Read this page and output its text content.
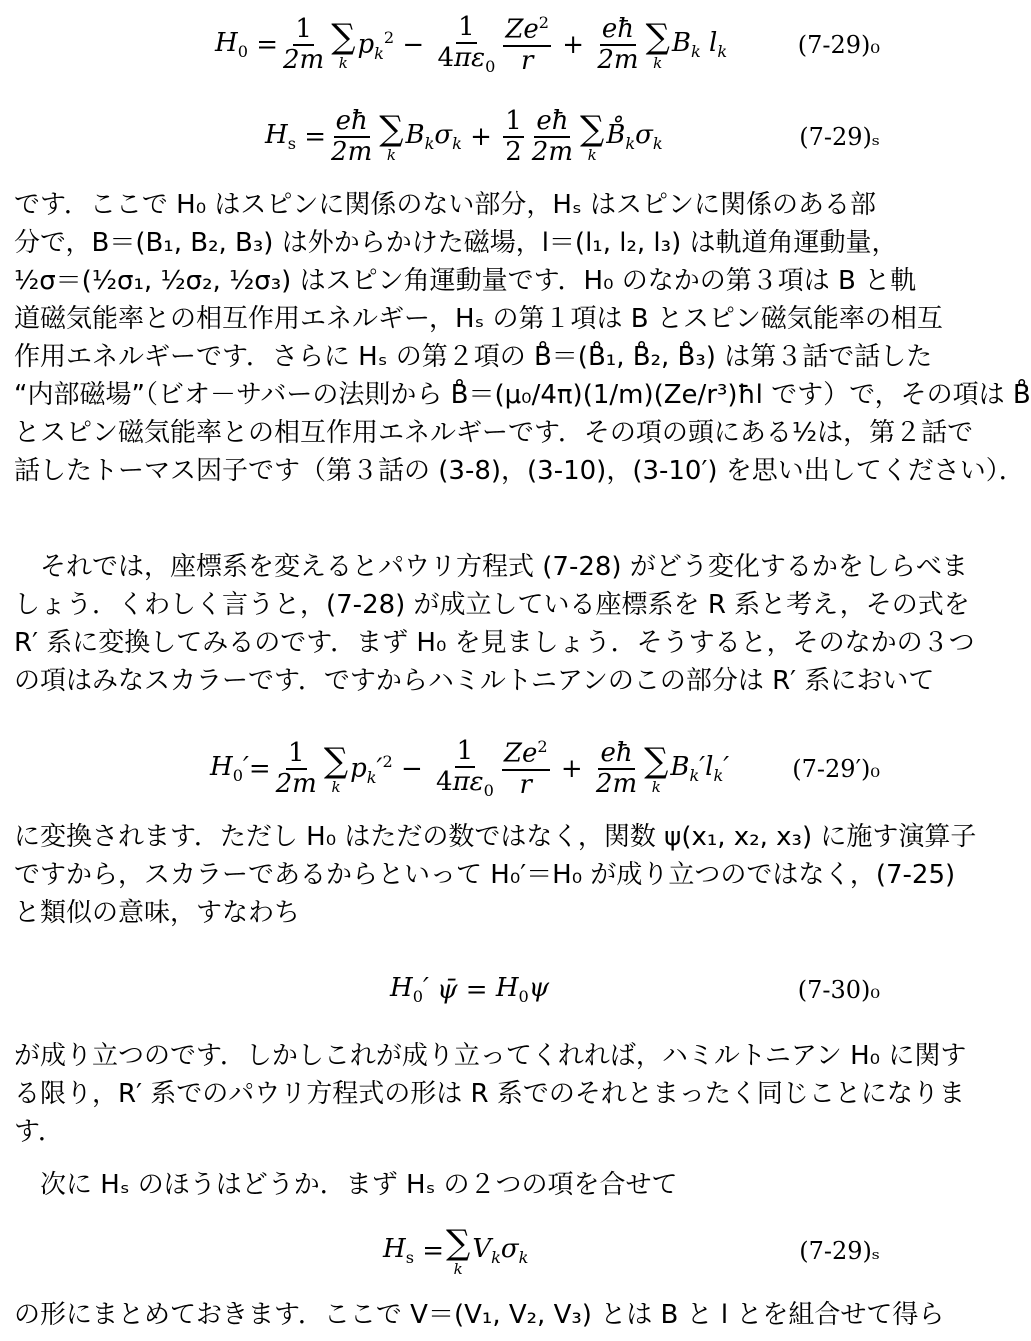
$H_0$
= $\frac{1}{2m}$ ∑
k
$p_k^2 - \frac{1}{4\pi\varepsilon_0} \frac{Ze^2}{r} + \frac{eħ}{2m}$ ∑
k
$B_k$ $l_k$	(7-29)₀
$H_s$
= $\frac{eħ}{2m}$ ∑
k
$B_k\sigma_k + \frac{1}{2} \frac{eħ}{2m}$ ∑
k
$B̊_k\sigma_k$	(7-29)ₛ
です．ここで H₀ はスピンに関係のない部分，Hₛ はスピンに関係のある部
分で，B＝(B₁, B₂, B₃) は外からかけた磁場，l＝(l₁, l₂, l₃) は軌道角運動量，
½σ＝(½σ₁, ½σ₂, ½σ₃) はスピン角運動量です．H₀ のなかの第３項は B と軌
道磁気能率との相互作用エネルギー，Hₛ の第１項は B とスピン磁気能率の相互
作用エネルギーです．さらに Hₛ の第２項の B̊＝(B̊₁, B̊₂, B̊₃) は第３話で話した
“内部磁場”（ビオ－サバーの法則から B̊＝(μ₀/4π)(1/m)(Ze/r³)ħl です）で，その項は B̊
とスピン磁気能率との相互作用エネルギーです．その項の頭にある½は，第２話で
話したトーマス因子です（第３話の (3-8)，(3-10)，(3-10′) を思い出してください）．
　それでは，座標系を変えるとパウリ方程式 (7-28) がどう変化するかをしらべま
しょう．くわしく言うと，(7-28) が成立している座標系を R 系と考え，その式を
R′ 系に変換してみるのです．まず H₀ を見ましょう．そうすると，そのなかの３つ
の項はみなスカラーです．ですからハミルトニアンのこの部分は R′ 系において
$H_0' = \frac{1}{2m}$ ∑
k
$p_k'^2 - \frac{1}{4\pi\varepsilon_0} \frac{Ze^2}{r} + \frac{eħ}{2m}$ ∑
k
$B_k'l_k'$	(7-29′)₀
に変換されます．ただし H₀ はただの数ではなく，関数 ψ(x₁, x₂, x₃) に施す演算子
ですから，スカラーであるからといって H₀′＝H₀ が成り立つのではなく，(7-25)
と類似の意味，すなわち
$H_0'$
ψ̄
=
$H_0\psi$	(7-30)₀
が成り立つのです．しかしこれが成り立ってくれれば，ハミルトニアン H₀ に関す
る限り，R′ 系でのパウリ方程式の形は R 系でのそれとまったく同じことになりま
す．
　次に Hₛ のほうはどうか．まず Hₛ の２つの項を合せて
$H_s$
= ∑
k
$V_k\sigma_k$	(7-29)ₛ
の形にまとめておきます．ここで V＝(V₁, V₂, V₃) とは B と l とを組合せて得ら
